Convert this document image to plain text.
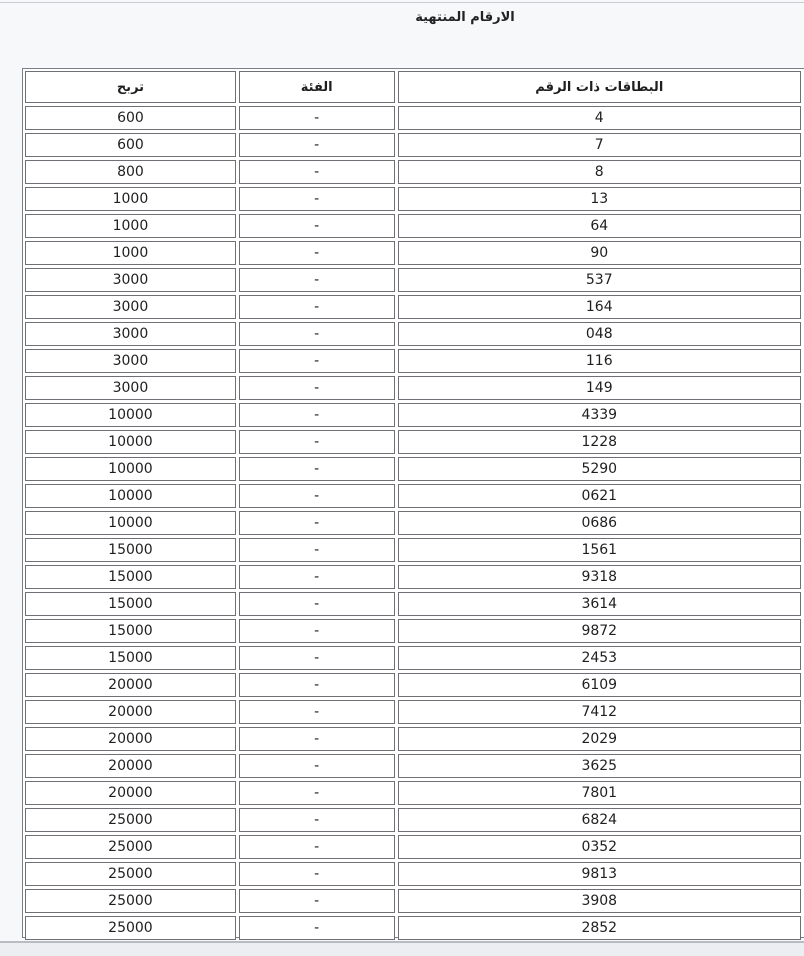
الارقام المنتهية
تربح	الفئة	البطاقات ذات الرقم
600	-	4
600	-	7
800	-	8
1000	-	13
1000	-	64
1000	-	90
3000	-	537
3000	-	164
3000	-	048
3000	-	116
3000	-	149
10000	-	4339
10000	-	1228
10000	-	5290
10000	-	0621
10000	-	0686
15000	-	1561
15000	-	9318
15000	-	3614
15000	-	9872
15000	-	2453
20000	-	6109
20000	-	7412
20000	-	2029
20000	-	3625
20000	-	7801
25000	-	6824
25000	-	0352
25000	-	9813
25000	-	3908
25000	-	2852
